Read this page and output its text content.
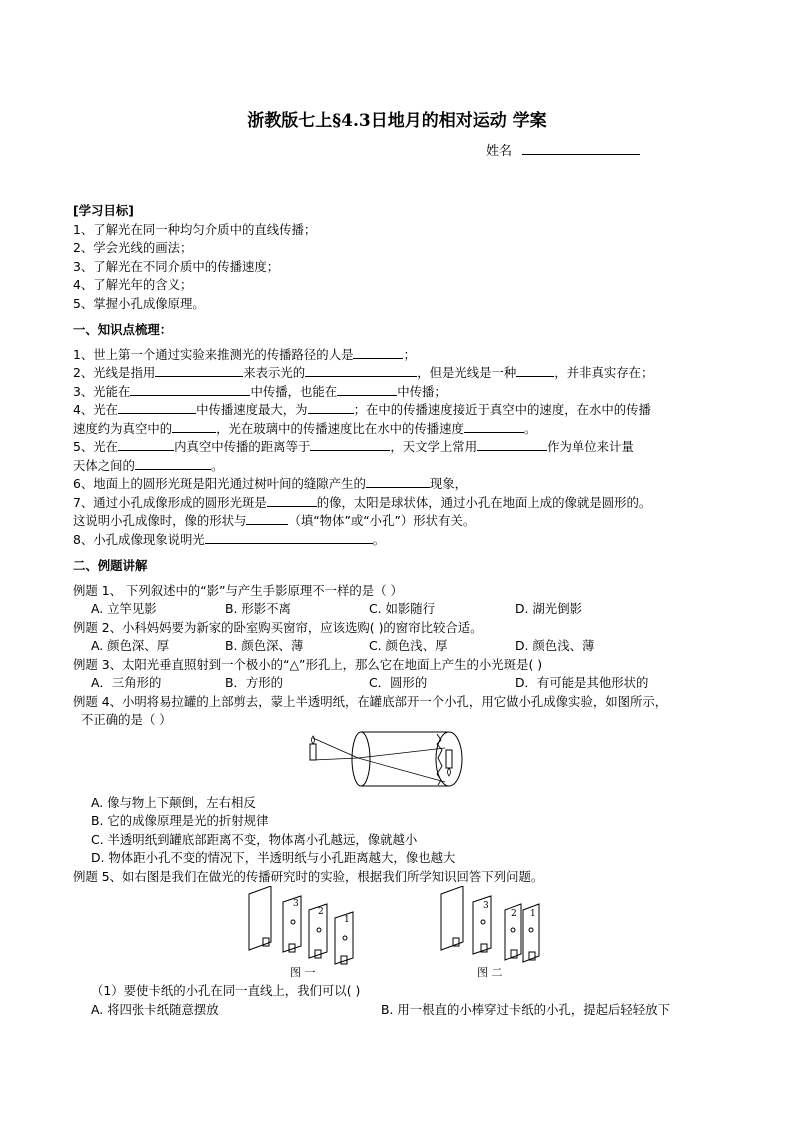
浙教版七上§4.3日地月的相对运动 学案
姓名

[学习目标]

1、了解光在同一种均匀介质中的直线传播；

2、学会光线的画法；

3、了解光在不同介质中的传播速度；

4、了解光年的含义；

5、掌握小孔成像原理。

一、知识点梳理：

1、世上第一个通过实验来推测光的传播路径的人是	；

2、光线是指用	来表示光的	，但是光线是一种	，并非真实存在；

3、光能在	中传播，也能在	中传播；

4、光在	中传播速度最大，为	；在中的传播速度接近于真空中的速度，在水中的传播

速度约为真空中的	，光在玻璃中的传播速度比在水中的传播速度	。

5、光在	内真空中传播的距离等于	，天文学上常用	作为单位来计量

天体之间的	。

6、地面上的圆形光斑是阳光通过树叶间的缝隙产生的	现象，

7、通过小孔成像形成的圆形光斑是	的像，太阳是球状体，通过小孔在地面上成的像就是圆形的。

这说明小孔成像时，像的形状与	（填“物体”或“小孔”）形状有关。

8、小孔成像现象说明光	。

二、例题讲解

例题 1、 下列叙述中的“影”与产生手影原理不一样的是（ ）

A. 立竿见影	B. 形影不离	C. 如影随行	D. 湖光倒影

例题 2、小科妈妈要为新家的卧室购买窗帘，应该选购( )的窗帘比较合适。

A. 颜色深、厚	B. 颜色深、薄	C. 颜色浅、厚	D. 颜色浅、薄

例题 3、太阳光垂直照射到一个极小的“△”形孔上，那么它在地面上产生的小光斑是( )

A．三角形的	B．方形的	C．圆形的	D．有可能是其他形状的

例题 4、小明将易拉罐的上部剪去，蒙上半透明纸，在罐底部开一个小孔，用它做小孔成像实验，如图所示，

不正确的是（ ）

A. 像与物上下颠倒，左右相反

B. 它的成像原理是光的折射规律

C. 半透明纸到罐底部距离不变，物体离小孔越远，像就越小

D. 物体距小孔不变的情况下，半透明纸与小孔距离越大，像也越大

例题 5、如右图是我们在做光的传播研究时的实验，根据我们所学知识回答下列问题。

3
2
1
3
2 1
图 一	图 二

（1）要使卡纸的小孔在同一直线上，我们可以( )

A. 将四张卡纸随意摆放	B. 用一根直的小棒穿过卡纸的小孔，提起后轻轻放下
